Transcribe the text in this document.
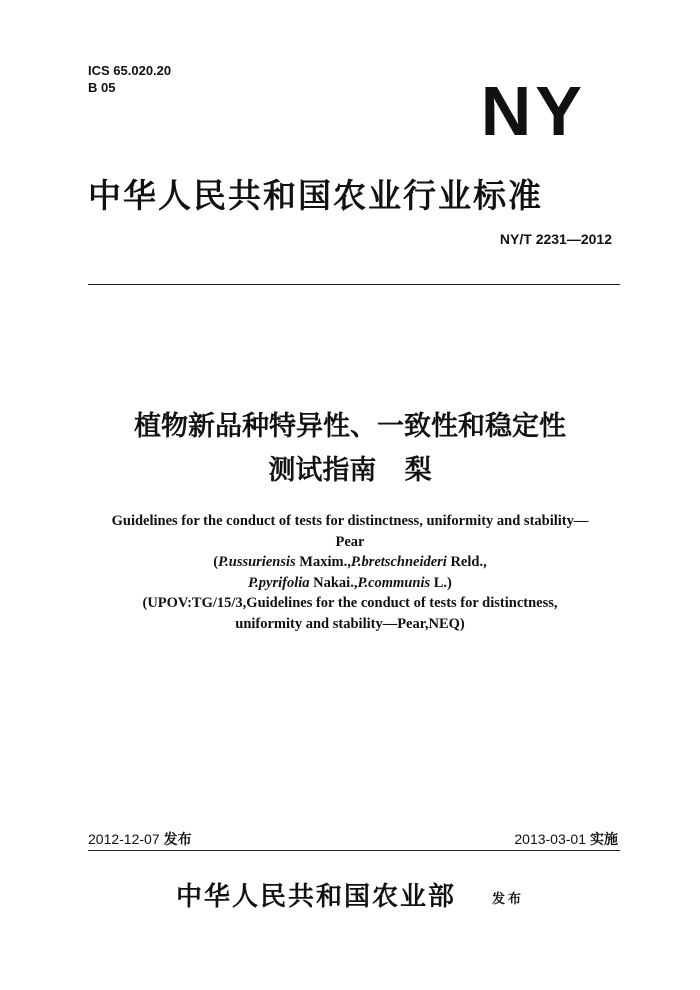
ICS 65.020.20
B 05	NY
中华人民共和国农业行业标准
NY/T 2231—2012
植物新品种特异性、一致性和稳定性
测试指南   梨
Guidelines for the conduct of tests for distinctness, uniformity and stability—
Pear
(P.ussuriensis Maxim.,P.bretschneideri Reld.,
P.pyrifolia Nakai.,P.communis L.)
(UPOV:TG/15/3,Guidelines for the conduct of tests for distinctness,
uniformity and stability—Pear,NEQ)
2012-12-07 发布	2013-03-01 实施
中华人民共和国农业部	发布
